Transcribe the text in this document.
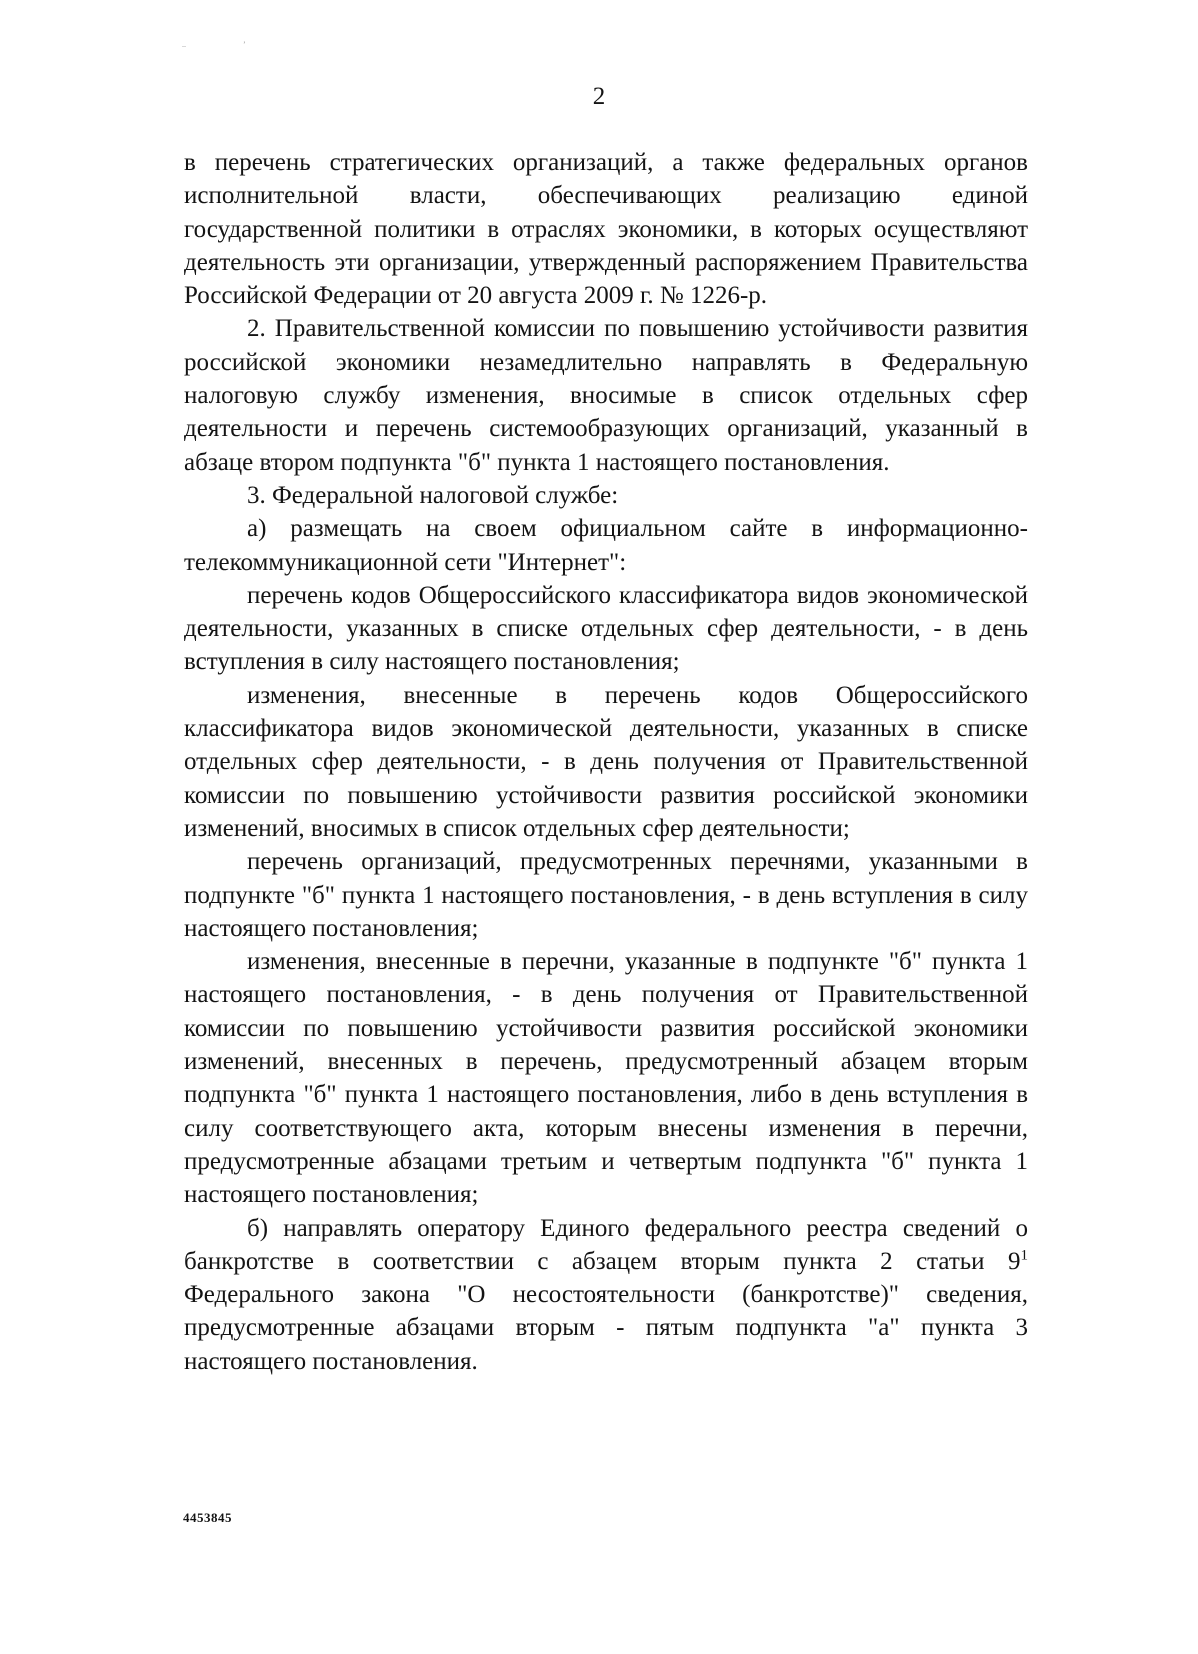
..	’
2

в перечень стратегических организаций, а также федеральных органов исполнительной власти, обеспечивающих реализацию единой государственной политики в отраслях экономики, в которых осуществляют деятельность эти организации, утвержденный распоряжением Правительства Российской Федерации от 20 августа 2009 г. № 1226-р.

2. Правительственной комиссии по повышению устойчивости развития российской экономики незамедлительно направлять в Федеральную налоговую службу изменения, вносимые в список отдельных сфер деятельности и перечень системообразующих организаций, указанный в абзаце втором подпункта "б" пункта 1 настоящего постановления.

3. Федеральной налоговой службе:

а) размещать на своем официальном сайте в информационно-телекоммуникационной сети "Интернет":

перечень кодов Общероссийского классификатора видов экономической деятельности, указанных в списке отдельных сфер деятельности, - в день вступления в силу настоящего постановления;

изменения, внесенные в перечень кодов Общероссийского классификатора видов экономической деятельности, указанных в списке отдельных сфер деятельности, - в день получения от Правительственной комиссии по повышению устойчивости развития российской экономики изменений, вносимых в список отдельных сфер деятельности;

перечень организаций, предусмотренных перечнями, указанными в подпункте "б" пункта 1 настоящего постановления, - в день вступления в силу настоящего постановления;

изменения, внесенные в перечни, указанные в подпункте "б" пункта 1 настоящего постановления, - в день получения от Правительственной комиссии по повышению устойчивости развития российской экономики изменений, внесенных в перечень, предусмотренный абзацем вторым подпункта "б" пункта 1 настоящего постановления, либо в день вступления в силу соответствующего акта, которым внесены изменения в перечни, предусмотренные абзацами третьим и четвертым подпункта "б" пункта 1 настоящего постановления;

б) направлять оператору Единого федерального реестра сведений о банкротстве в соответствии с абзацем вторым пункта 2 статьи $9^1$ Федерального закона "О несостоятельности (банкротстве)" сведения, предусмотренные абзацами вторым - пятым подпункта "а" пункта 3 настоящего постановления.

4453845
